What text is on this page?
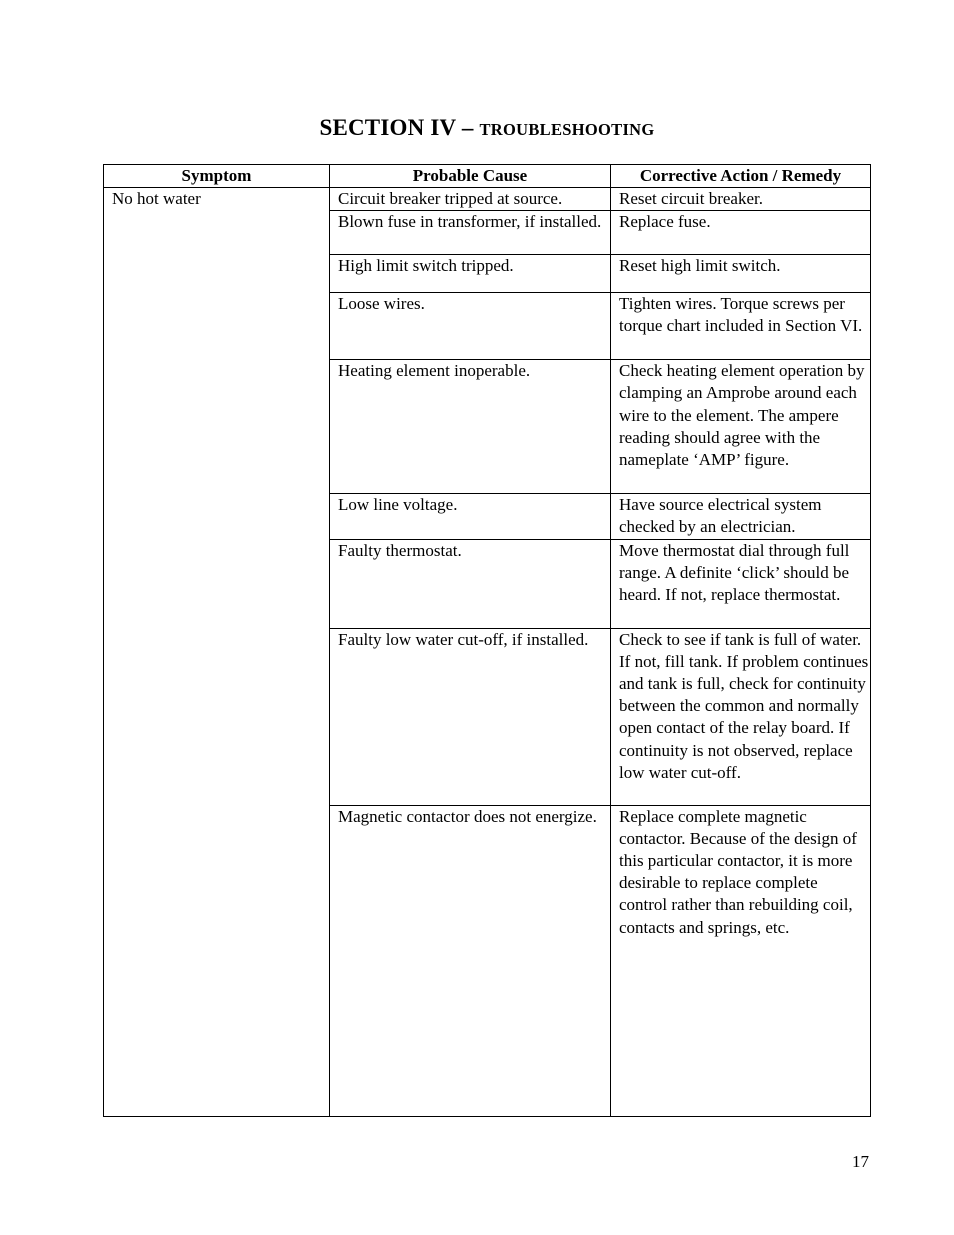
SECTION IV – TROUBLESHOOTING
Symptom	Probable Cause	Corrective Action / Remedy
No hot water	Circuit breaker tripped at source.	Reset circuit breaker.
	Blown fuse in transformer, if installed.	Replace fuse.
	High limit switch tripped.	Reset high limit switch.
	Loose wires.	Tighten wires. Torque screws per torque chart included in Section VI.
	Heating element inoperable.	Check heating element operation by clamping an Amprobe around each wire to the element. The ampere reading should agree with the nameplate ‘AMP’ figure.
	Low line voltage.	Have source electrical system checked by an electrician.
	Faulty thermostat.	Move thermostat dial through full range. A definite ‘click’ should be heard. If not, replace thermostat.
	Faulty low water cut-off, if installed.	Check to see if tank is full of water. If not, fill tank. If problem continues and tank is full, check for continuity between the common and normally open contact of the relay board. If continuity is not observed, replace low water cut-off.
	Magnetic contactor does not energize.	Replace complete magnetic contactor. Because of the design of this particular contactor, it is more desirable to replace complete control rather than rebuilding coil, contacts and springs, etc.
17
